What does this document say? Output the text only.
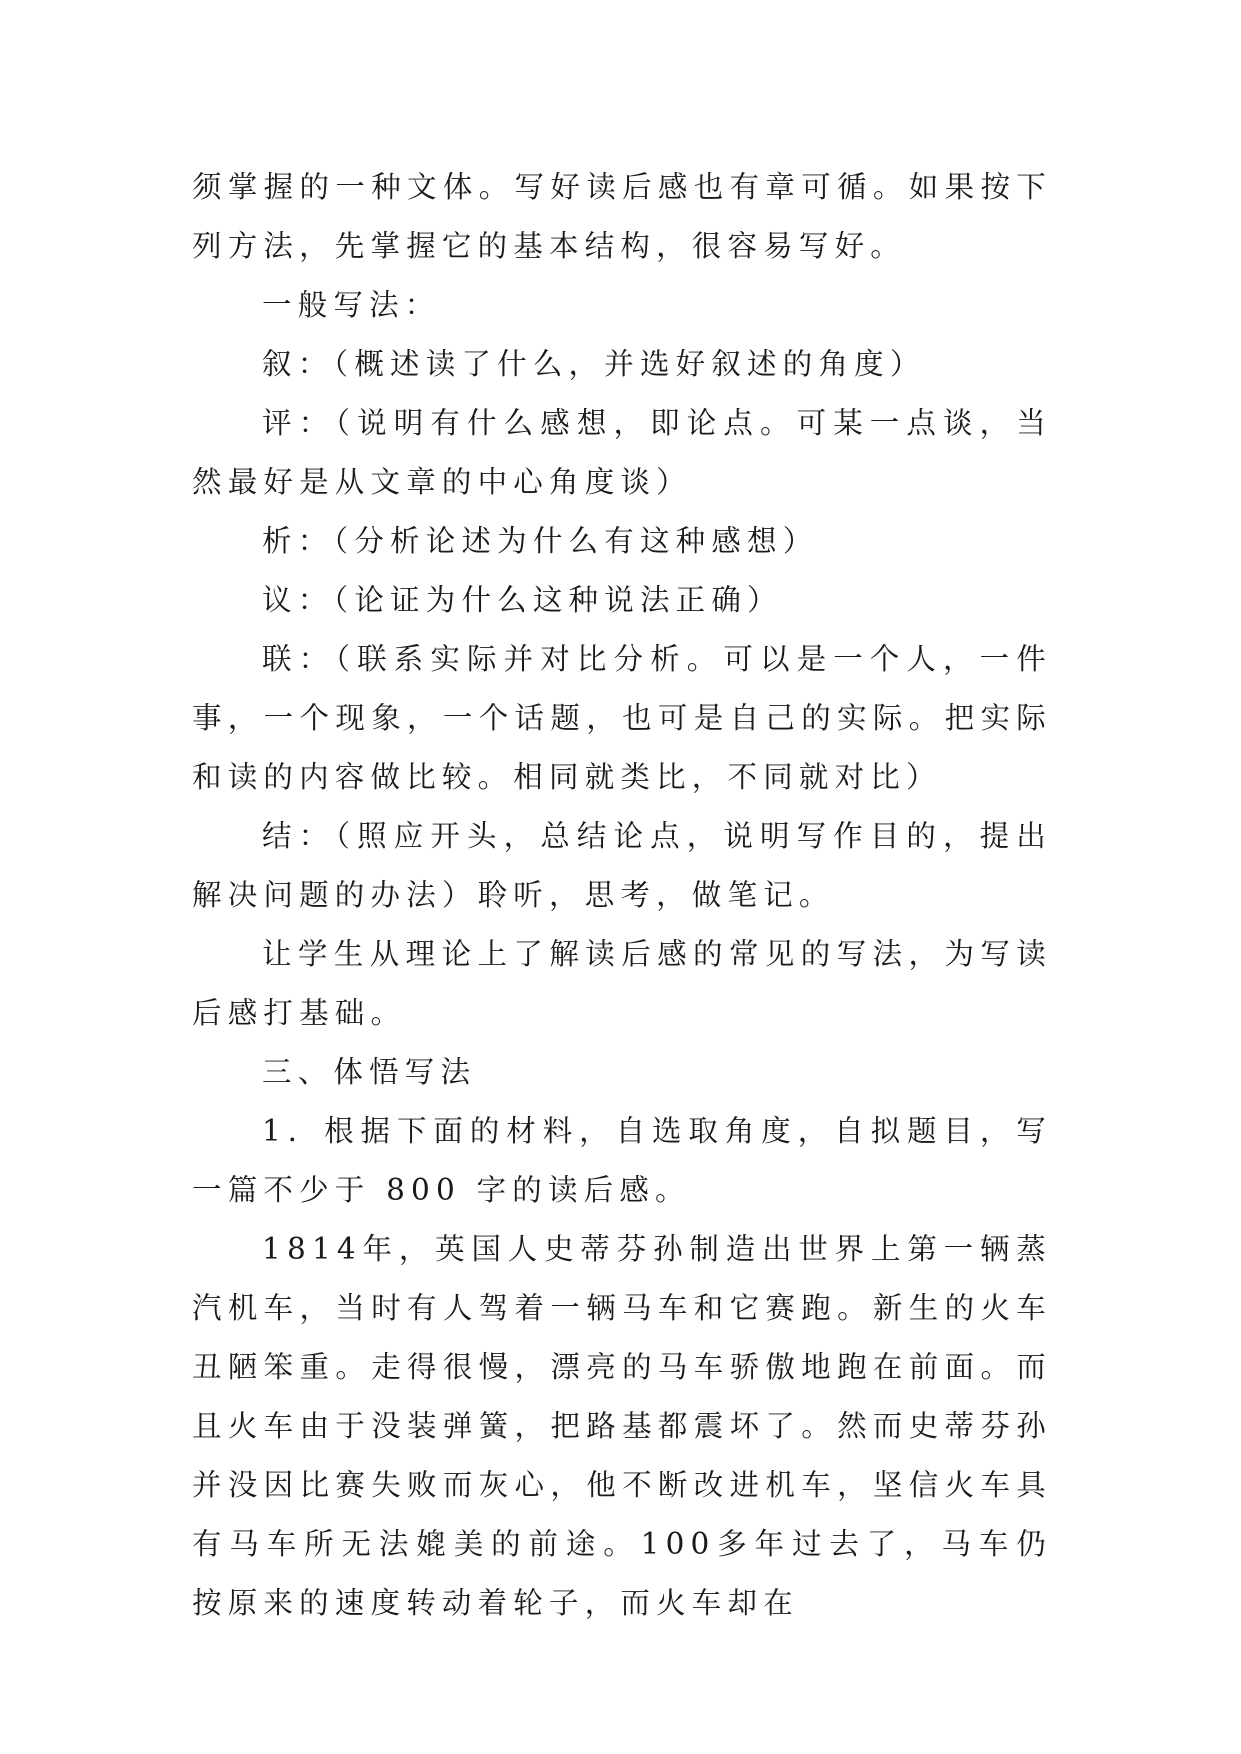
须掌握的一种文体。写好读后感也有章可循。如果按下列方法，先掌握它的基本结构，很容易写好。

一般写法：

叙：（概述读了什么，并选好叙述的角度）

评：（说明有什么感想，即论点。可某一点谈，当然最好是从文章的中心角度谈）

析：（分析论述为什么有这种感想）

议：（论证为什么这种说法正确）

联：（联系实际并对比分析。可以是一个人，一件事，一个现象，一个话题，也可是自己的实际。把实际和读的内容做比较。相同就类比，不同就对比）

结：（照应开头，总结论点，说明写作目的，提出解决问题的办法）聆听，思考，做笔记。

让学生从理论上了解读后感的常见的写法，为写读后感打基础。

三、体悟写法

1．根据下面的材料，自选取角度，自拟题目，写一篇不少于 800 字的读后感。

1814年，英国人史蒂芬孙制造出世界上第一辆蒸汽机车，当时有人驾着一辆马车和它赛跑。新生的火车丑陋笨重。走得很慢，漂亮的马车骄傲地跑在前面。而且火车由于没装弹簧，把路基都震坏了。然而史蒂芬孙并没因比赛失败而灰心，他不断改进机车，坚信火车具有马车所无法媲美的前途。100多年过去了，马车仍按原来的速度转动着轮子，而火车却在
